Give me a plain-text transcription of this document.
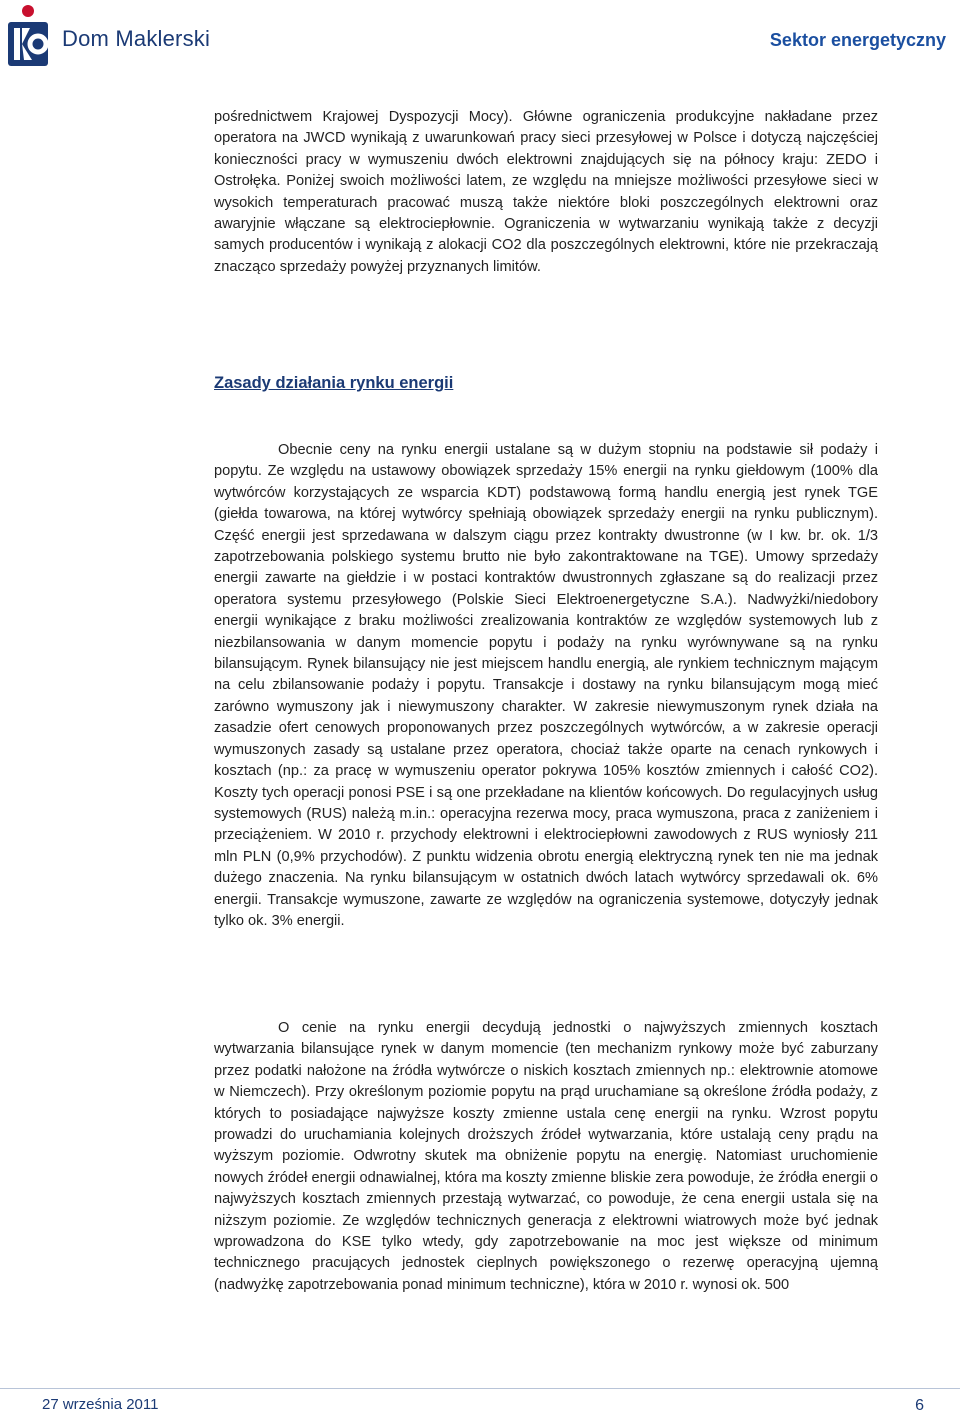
Dom Maklerski	Sektor energetyczny
pośrednictwem Krajowej Dyspozycji Mocy). Główne ograniczenia produkcyjne nakładane przez operatora na JWCD wynikają z uwarunkowań pracy sieci przesyłowej w Polsce i dotyczą najczęściej konieczności pracy w wymuszeniu dwóch elektrowni znajdujących się na północy kraju: ZEDO i Ostrołęka. Poniżej swoich możliwości latem, ze względu na mniejsze możliwości przesyłowe sieci w wysokich temperaturach pracować muszą także niektóre bloki poszczególnych elektrowni oraz awaryjnie włączane są elektrociepłownie. Ograniczenia w wytwarzaniu wynikają także z decyzji samych producentów i wynikają z alokacji CO2 dla poszczególnych elektrowni, które nie przekraczają znacząco sprzedaży powyżej przyznanych limitów.
Zasady działania rynku energii
Obecnie ceny na rynku energii ustalane są w dużym stopniu na podstawie sił podaży i popytu. Ze względu na ustawowy obowiązek sprzedaży 15% energii na rynku giełdowym (100% dla wytwórców korzystających ze wsparcia KDT) podstawową formą handlu energią jest rynek TGE (giełda towarowa, na której wytwórcy spełniają obowiązek sprzedaży energii na rynku publicznym). Część energii jest sprzedawana w dalszym ciągu przez kontrakty dwustronne (w I kw. br. ok. 1/3 zapotrzebowania polskiego systemu brutto nie było zakontraktowane na TGE). Umowy sprzedaży energii zawarte na giełdzie i w postaci kontraktów dwustronnych zgłaszane są do realizacji przez operatora systemu przesyłowego (Polskie Sieci Elektroenergetyczne S.A.). Nadwyżki/niedobory energii wynikające z braku możliwości zrealizowania kontraktów ze względów systemowych lub z niezbilansowania w danym momencie popytu i podaży na rynku wyrównywane są na rynku bilansującym. Rynek bilansujący nie jest miejscem handlu energią, ale rynkiem technicznym mającym na celu zbilansowanie podaży i popytu. Transakcje i dostawy na rynku bilansującym mogą mieć zarówno wymuszony jak i niewymuszony charakter. W zakresie niewymuszonym rynek działa na zasadzie ofert cenowych proponowanych przez poszczególnych wytwórców, a w zakresie operacji wymuszonych zasady są ustalane przez operatora, chociaż także oparte na cenach rynkowych i kosztach (np.: za pracę w wymuszeniu operator pokrywa 105% kosztów zmiennych i całość CO2). Koszty tych operacji ponosi PSE i są one przekładane na klientów końcowych. Do regulacyjnych usług systemowych (RUS) należą m.in.: operacyjna rezerwa mocy, praca wymuszona, praca z zaniżeniem i przeciążeniem. W 2010 r. przychody elektrowni i elektrociepłowni zawodowych z RUS wyniosły 211 mln PLN (0,9% przychodów). Z punktu widzenia obrotu energią elektryczną rynek ten nie ma jednak dużego znaczenia. Na rynku bilansującym w ostatnich dwóch latach wytwórcy sprzedawali ok. 6% energii. Transakcje wymuszone, zawarte ze względów na ograniczenia systemowe, dotyczyły jednak tylko ok. 3% energii.
O cenie na rynku energii decydują jednostki o najwyższych zmiennych kosztach wytwarzania bilansujące rynek w danym momencie (ten mechanizm rynkowy może być zaburzany przez podatki nałożone na źródła wytwórcze o niskich kosztach zmiennych np.: elektrownie atomowe w Niemczech). Przy określonym poziomie popytu na prąd uruchamiane są określone źródła podaży, z których to posiadające najwyższe koszty zmienne ustala cenę energii na rynku. Wzrost popytu prowadzi do uruchamiania kolejnych droższych źródeł wytwarzania, które ustalają ceny prądu na wyższym poziomie. Odwrotny skutek ma obniżenie popytu na energię. Natomiast uruchomienie nowych źródeł energii odnawialnej, która ma koszty zmienne bliskie zera powoduje, że źródła energii o najwyższych kosztach zmiennych przestają wytwarzać, co powoduje, że cena energii ustala się na niższym poziomie. Ze względów technicznych generacja z elektrowni wiatrowych może być jednak wprowadzona do KSE tylko wtedy, gdy zapotrzebowanie na moc jest większe od minimum technicznego pracujących jednostek cieplnych powiększonego o rezerwę operacyjną ujemną (nadwyżkę zapotrzebowania ponad minimum techniczne), która w 2010 r. wynosi ok. 500
27 września 2011	6
